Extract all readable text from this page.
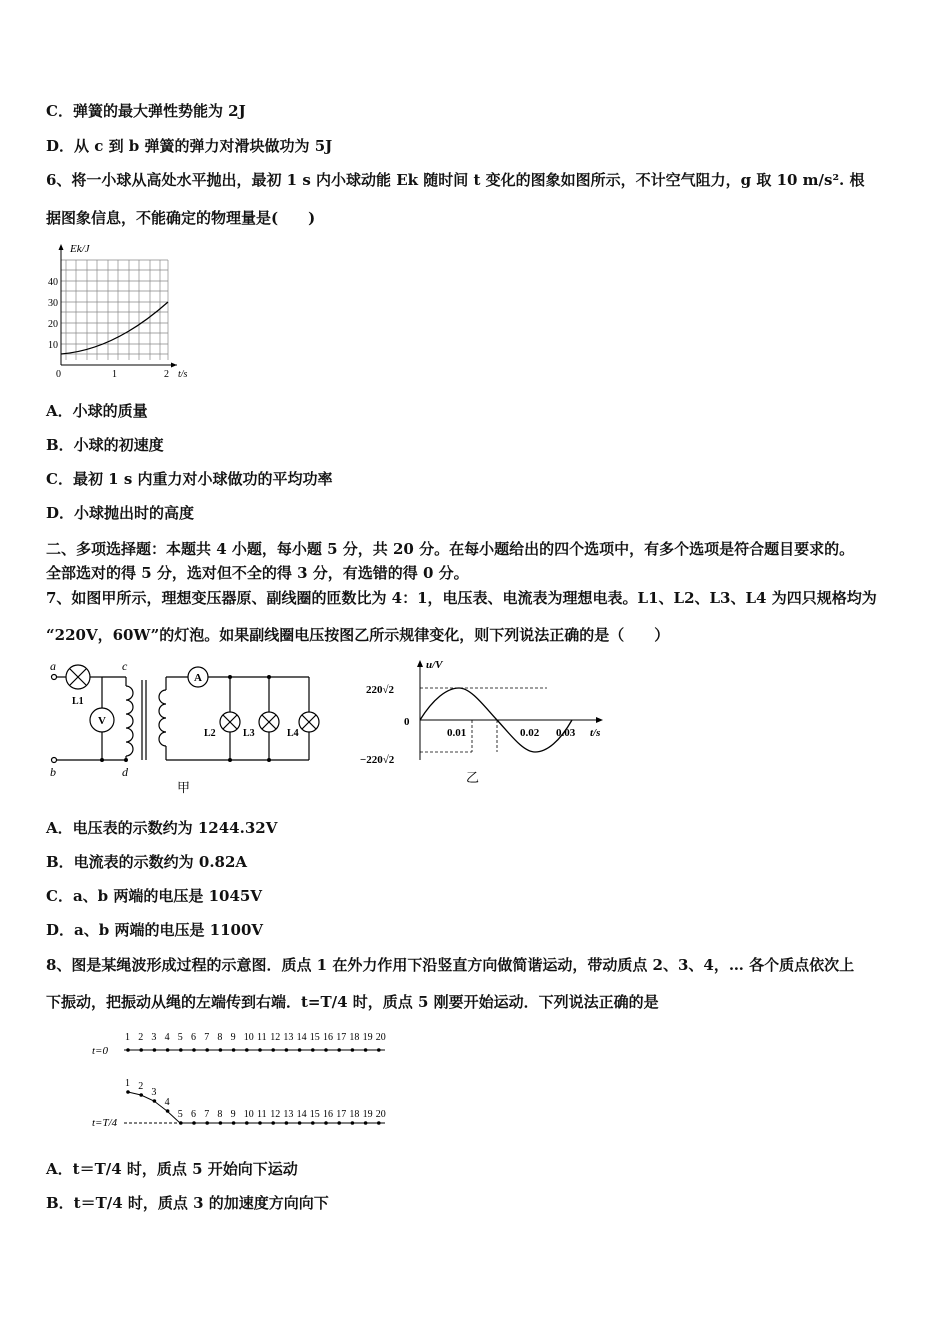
C．弹簧的最大弹性势能为 2J
D．从 c 到 b 弹簧的弹力对滑块做功为 5J
6、将一小球从高处水平抛出，最初 1 s 内小球动能 Ek 随时间 t 变化的图象如图所示，不计空气阻力，g 取 10 m/s². 根
据图象信息，不能确定的物理量是(　　)
Ek/J
40
30
20
10
0	1	2 t/s
A．小球的质量
B．小球的初速度
C．最初 1 s 内重力对小球做功的平均功率
D．小球抛出时的高度
二、多项选择题：本题共 4 小题，每小题 5 分，共 20 分。在每小题给出的四个选项中，有多个选项是符合题目要求的。
全部选对的得 5 分，选对但不全的得 3 分，有选错的得 0 分。
7、如图甲所示，理想变压器原、副线圈的匝数比为 4：1，电压表、电流表为理想电表。L1、L2、L3、L4 为四只规格均为
“220V，60W”的灯泡。如果副线圈电压按图乙所示规律变化，则下列说法正确的是（　　）
a
b
c
d
V
A
L1
L2	L3	L4
甲
u/V
220√2
0
−220√2
0.01	0.02 0.03 t/s
乙
A．电压表的示数约为 1244.32V
B．电流表的示数约为 0.82A
C．a、b 两端的电压是 1045V
D．a、b 两端的电压是 1100V
8、图是某绳波形成过程的示意图．质点 1 在外力作用下沿竖直方向做简谐运动，带动质点 2、3、4，… 各个质点依次上
下振动，把振动从绳的左端传到右端．t=T/4 时，质点 5 刚要开始运动．下列说法正确的是
t=0
1 2 3 4 5 6 7 8 9 10 11 12 13 14 15 16 17 18 19 20
t=T/4
1 2
3
4
5 6 7 8 9 10 11 12 13 14 15 16 17 18 19 20
A．t＝T/4 时，质点 5 开始向下运动
B．t＝T/4 时，质点 3 的加速度方向向下
